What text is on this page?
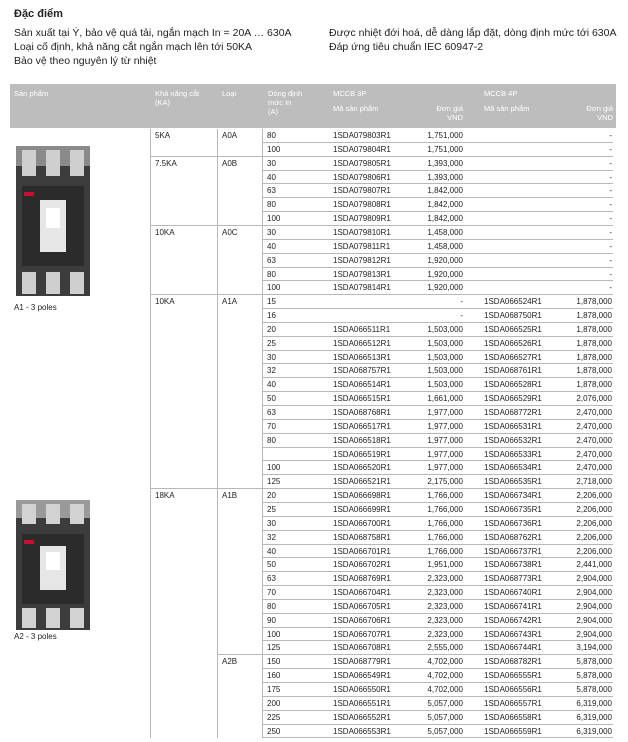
Đặc điểm
Sản xuất tại Ý, bảo vệ quá tải, ngắn mạch In = 20A … 630A
Loại cố định, khả năng cắt ngắn mạch lên tới 50KA
Bảo vệ theo nguyên lý từ nhiệt
Được nhiệt đới hoá, dễ dàng lắp đặt, dòng định mức tới 630A
Đáp ứng tiêu chuẩn IEC 60947-2
Sản phẩm	Khả năng cắt
(KA)
Loại	Dòng định
mức In
(A)
MCCB 3P
Mã sản phẩm	Đơn giá
VND
MCCB 4P
Mã sản phẩm	Đơn giá
VND
A1 - 3 poles
A2 - 3 poles
5KA	A0A	80	1SDA079803R1	1,751,000	-
100	1SDA079804R1	1,751,000	-
7.5KA	A0B	30	1SDA079805R1	1,393,000	-
40	1SDA079806R1	1,393,000	-
63	1SDA079807R1	1,842,000	-
80	1SDA079808R1	1,842,000	-
100	1SDA079809R1	1,842,000	-
10KA	A0C	30	1SDA079810R1	1,458,000	-
40	1SDA079811R1	1,458,000	-
63	1SDA079812R1	1,920,000	-
80	1SDA079813R1	1,920,000	-
100	1SDA079814R1	1,920,000	-
10KA	A1A	15	-	1SDA066524R1	1,878,000
16	-	1SDA068750R1	1,878,000
20	1SDA066511R1	1,503,000	1SDA066525R1	1,878,000
25	1SDA066512R1	1,503,000	1SDA066526R1	1,878,000
30	1SDA066513R1	1,503,000	1SDA066527R1	1,878,000
32	1SDA068757R1	1,503,000	1SDA068761R1	1,878,000
40	1SDA066514R1	1,503,000	1SDA066528R1	1,878,000
50	1SDA066515R1	1,661,000	1SDA066529R1	2,076,000
63	1SDA068768R1	1,977,000	1SDA068772R1	2,470,000
70	1SDA066517R1	1,977,000	1SDA066531R1	2,470,000
80	1SDA066518R1	1,977,000	1SDA066532R1	2,470,000
1SDA066519R1	1,977,000	1SDA066533R1	2,470,000
100	1SDA066520R1	1,977,000	1SDA066534R1	2,470,000
125	1SDA066521R1	2,175,000	1SDA066535R1	2,718,000
18KA	A1B	20	1SDA066698R1	1,766,000	1SDA066734R1	2,206,000
25	1SDA066699R1	1,766,000	1SDA066735R1	2,206,000
30	1SDA066700R1	1,766,000	1SDA066736R1	2,206,000
32	1SDA068758R1	1,766,000	1SDA068762R1	2,206,000
40	1SDA066701R1	1,766,000	1SDA066737R1	2,206,000
50	1SDA066702R1	1,951,000	1SDA066738R1	2,441,000
63	1SDA068769R1	2,323,000	1SDA068773R1	2,904,000
70	1SDA066704R1	2,323,000	1SDA066740R1	2,904,000
80	1SDA066705R1	2,323,000	1SDA066741R1	2,904,000
90	1SDA066706R1	2,323,000	1SDA066742R1	2,904,000
100	1SDA066707R1	2,323,000	1SDA066743R1	2,904,000
125	1SDA066708R1	2,555,000	1SDA066744R1	3,194,000
A2B	150	1SDA068779R1	4,702,000	1SDA068782R1	5,878,000
160	1SDA066549R1	4,702,000	1SDA066555R1	5,878,000
175	1SDA066550R1	4,702,000	1SDA066556R1	5,878,000
200	1SDA066551R1	5,057,000	1SDA066557R1	6,319,000
225	1SDA066552R1	5,057,000	1SDA066558R1	6,319,000
250	1SDA066553R1	5,057,000	1SDA066559R1	6,319,000
